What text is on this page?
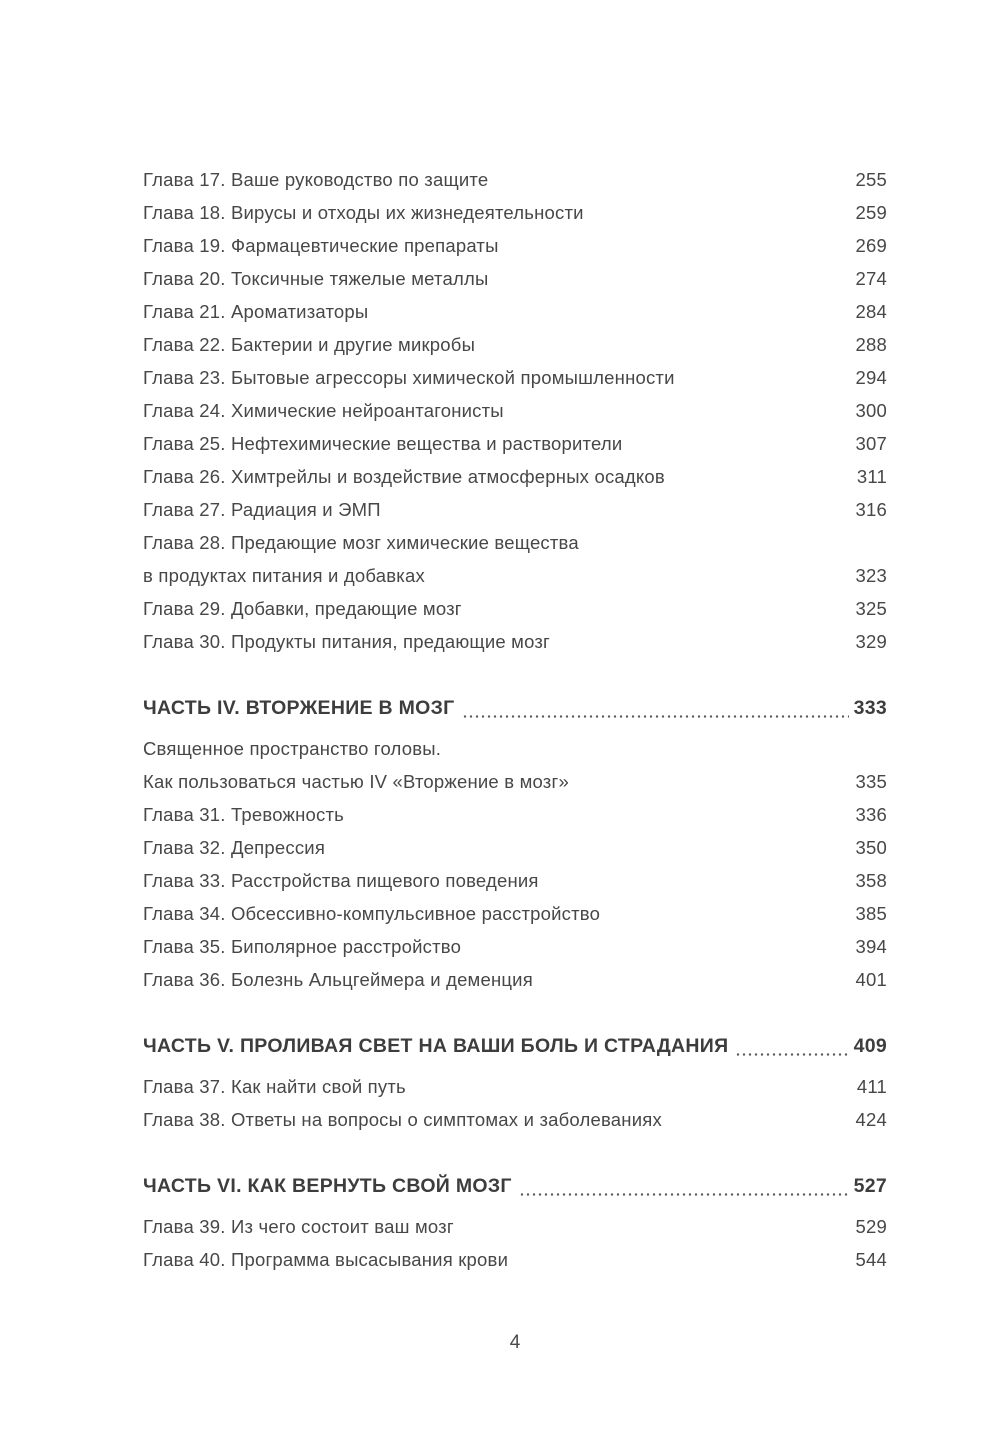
Глава 17. Ваше руководство по защите	255
Глава 18. Вирусы и отходы их жизнедеятельности	259
Глава 19. Фармацевтические препараты	269
Глава 20. Токсичные тяжелые металлы	274
Глава 21. Ароматизаторы	284
Глава 22. Бактерии и другие микробы	288
Глава 23. Бытовые агрессоры химической промышленности	294
Глава 24. Химические нейроантагонисты	300
Глава 25. Нефтехимические вещества и растворители	307
Глава 26. Химтрейлы и воздействие атмосферных осадков	311
Глава 27. Радиация и ЭМП	316
Глава 28. Предающие мозг химические вещества
в продуктах питания и добавках	323
Глава 29. Добавки, предающие мозг	325
Глава 30. Продукты питания, предающие мозг	329
ЧАСТЬ IV. ВТОРЖЕНИЕ В МОЗГ	333
Священное пространство головы.
Как пользоваться частью IV «Вторжение в мозг»	335
Глава 31. Тревожность	336
Глава 32. Депрессия	350
Глава 33. Расстройства пищевого поведения	358
Глава 34. Обсессивно-компульсивное расстройство	385
Глава 35. Биполярное расстройство	394
Глава 36. Болезнь Альцгеймера и деменция	401
ЧАСТЬ V. ПРОЛИВАЯ СВЕТ НА ВАШИ БОЛЬ И СТРАДАНИЯ	409
Глава 37. Как найти свой путь	411
Глава 38. Ответы на вопросы о симптомах и заболеваниях	424
ЧАСТЬ VI. КАК ВЕРНУТЬ СВОЙ МОЗГ	527
Глава 39. Из чего состоит ваш мозг	529
Глава 40. Программа высасывания крови	544
4
